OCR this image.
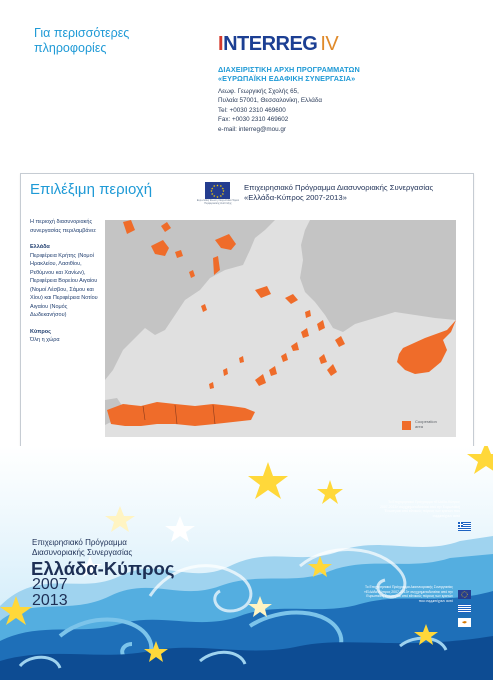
Για περισσότερες πληροφορίες	INTERREG IV
ΔΙΑΧΕΙΡΙΣΤΙΚΗ ΑΡΧΗ ΠΡΟΓΡΑΜΜΑΤΩΝ
«ΕΥΡΩΠΑΪΚΗ ΕΔΑΦΙΚΗ ΣΥΝΕΡΓΑΣΙΑ»
Λεωφ. Γεωργικής Σχολής 65,
Πυλαία 57001, Θεσσαλονίκη, Ελλάδα
Tel: +0030 2310 469600
Fax: +0030 2310 469602
e-mail: interreg@mou.gr
Επιλέξιμη περιοχή	★ ★
★
★
★
★
★
★
★
★
★
★
Ευρωπαϊκή Ένωση / Ευρωπαϊκό Ταμείο Περιφερειακής Ανάπτυξης
Επιχειρησιακό Πρόγραμμα Διασυνοριακής Συνεργασίας
«Ελλάδα-Κύπρος 2007-2013»
Η περιοχή διασυνοριακής συνεργασίας περιλαμβάνει:
Ελλάδα
Περιφέρεια Κρήτης (Νομοί Ηρακλείου, Λασιθίου, Ρεθύμνου και Χανίων), Περιφέρεια Βορείου Αιγαίου (Νομοί Λέσβου, Σάμου και Χίου) και Περιφέρεια Νοτίου Αιγαίου (Νομός Δωδεκανήσου)
Κύπρος
Όλη η χώρα
Cooperation
area
Το Επιχειρησιακό Πρόγραμμα «Ελλάδα-Κύπρος 2007-2013» συγχρηματοδοτείται από την Ευρωπαϊκή Ένωση και από εθνικούς πόρους των κρατών που συμμετέχουν αυτό
Το Επιχειρησιακό Πρόγραμμα Διασυνοριακής Συνεργασίας «Ελλάδα-Κύπρος 2007-2013» συγχρηματοδοτείται από την Ευρωπαϊκή Ένωση και από εθνικούς πόρους των κρατών που συμμετέχουν αυτό
Επιχειρησιακό Πρόγραμμα
Διασυνοριακής Συνεργασίας
Ελλάδα-Κύπρος
2007
2013
